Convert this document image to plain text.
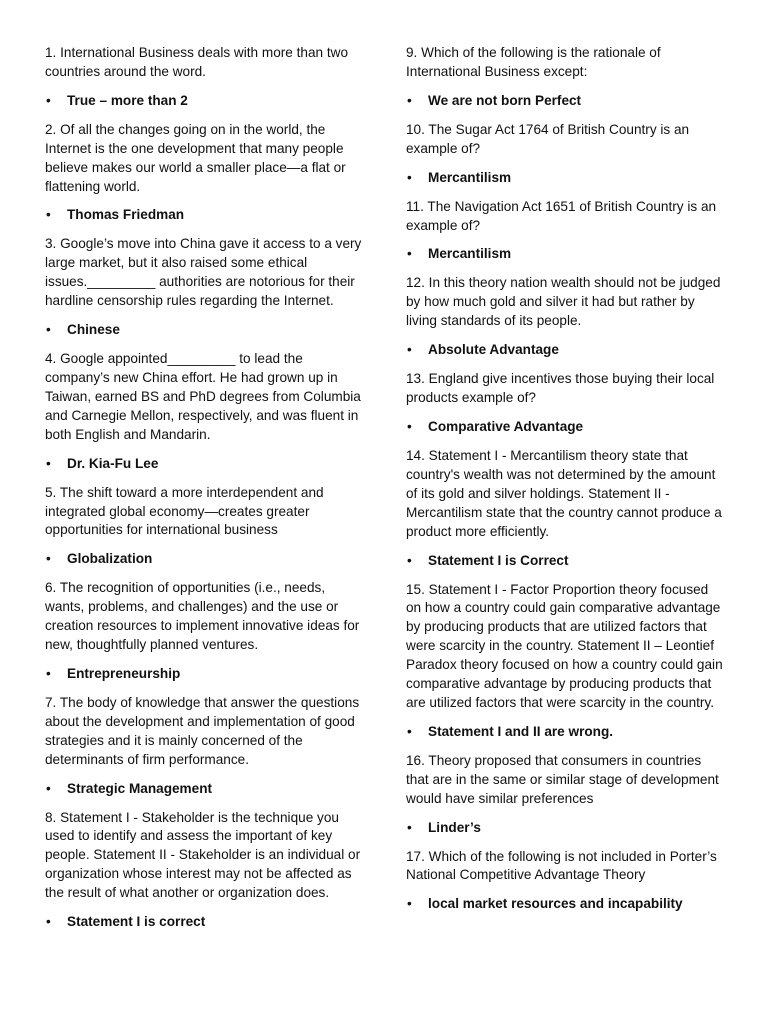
1. International Business deals with more than two countries around the word.

• True – more than 2

2. Of all the changes going on in the world, the Internet is the one development that many people believe makes our world a smaller place—a flat or flattening world.

• Thomas Friedman

3. Google’s move into China gave it access to a very large market, but it also raised some ethical issues._________ authorities are notorious for their hardline censorship rules regarding the Internet.

• Chinese

4. Google appointed_________ to lead the company’s new China effort. He had grown up in Taiwan, earned BS and PhD degrees from Columbia and Carnegie Mellon, respectively, and was fluent in both English and Mandarin.

• Dr. Kia-Fu Lee

5. The shift toward a more interdependent and integrated global economy—creates greater opportunities for international business

• Globalization

6. The recognition of opportunities (i.e., needs, wants, problems, and challenges) and the use or creation resources to implement innovative ideas for new, thoughtfully planned ventures.

• Entrepreneurship

7. The body of knowledge that answer the questions about the development and implementation of good strategies and it is mainly concerned of the determinants of firm performance.

• Strategic Management

8. Statement I - Stakeholder is the technique you used to identify and assess the important of key people. Statement II - Stakeholder is an individual or organization whose interest may not be affected as the result of what another or organization does.

• Statement I is correct

9. Which of the following is the rationale of International Business except:

• We are not born Perfect

10. The Sugar Act 1764 of British Country is an example of?

• Mercantilism

11. The Navigation Act 1651 of British Country is an example of?

• Mercantilism

12. In this theory nation wealth should not be judged by how much gold and silver it had but rather by living standards of its people.

• Absolute Advantage

13. England give incentives those buying their local products example of?

• Comparative Advantage

14. Statement I - Mercantilism theory state that country's wealth was not determined by the amount of its gold and silver holdings. Statement II - Mercantilism state that the country cannot produce a product more efficiently.

• Statement I is Correct

15. Statement I - Factor Proportion theory focused on how a country could gain comparative advantage by producing products that are utilized factors that were scarcity in the country. Statement II – Leontief Paradox theory focused on how a country could gain comparative advantage by producing products that are utilized factors that were scarcity in the country.

• Statement I and II are wrong.

16. Theory proposed that consumers in countries that are in the same or similar stage of development would have similar preferences

• Linder’s

17. Which of the following is not included in Porter’s National Competitive Advantage Theory

• local market resources and incapability
